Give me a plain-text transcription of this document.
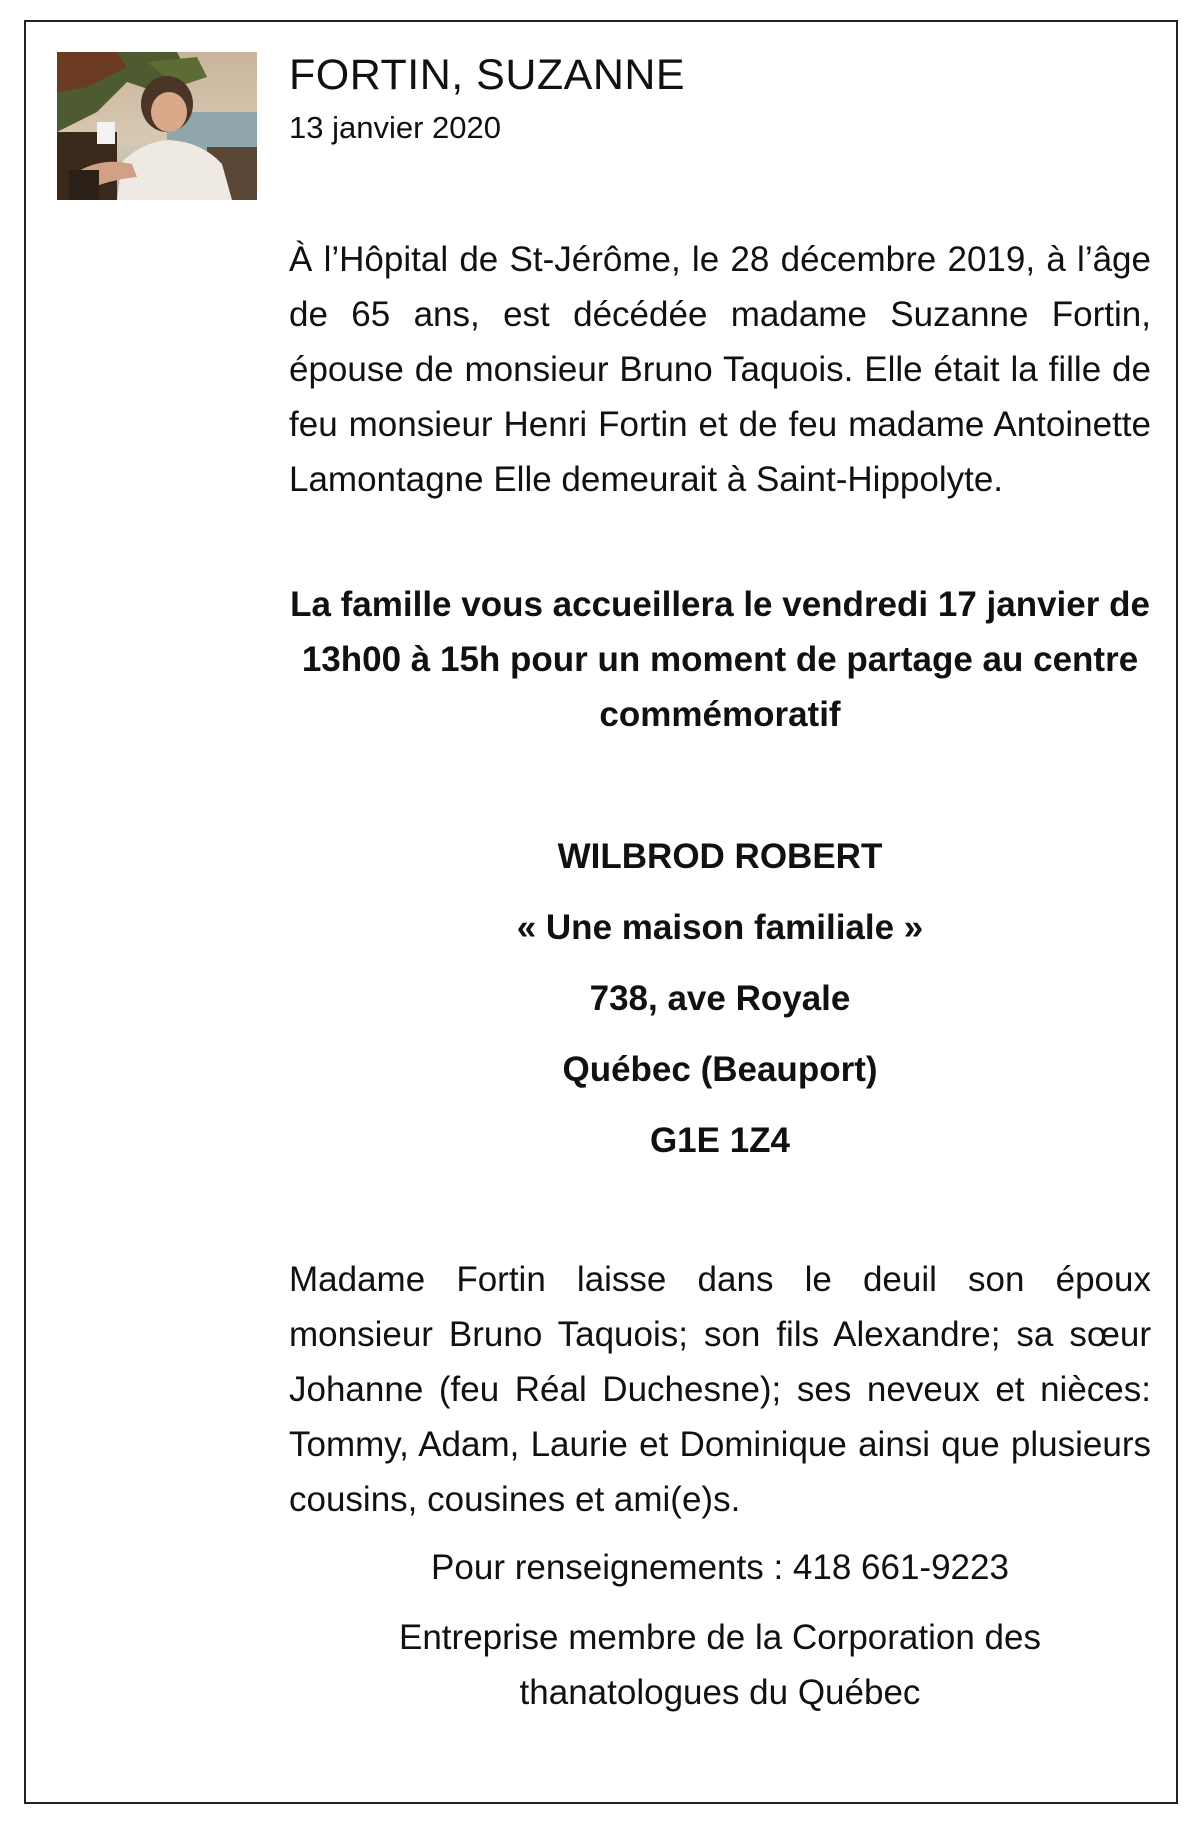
FORTIN, SUZANNE
13 janvier 2020
À l’Hôpital de St-Jérôme, le 28 décembre 2019, à l’âge de 65 ans, est décédée madame Suzanne Fortin, épouse de monsieur Bruno Taquois. Elle était la fille de feu monsieur Henri Fortin et de feu madame Antoinette Lamontagne Elle demeurait à Saint-Hippolyte.
La famille vous accueillera le vendredi 17 janvier de 13h00 à 15h pour un moment de partage au centre commémoratif
WILBROD ROBERT
« Une maison familiale »
738, ave Royale
Québec (Beauport)
G1E 1Z4
Madame Fortin laisse dans le deuil son époux monsieur Bruno Taquois; son fils Alexandre; sa sœur Johanne (feu Réal Duchesne); ses neveux et nièces: Tommy, Adam, Laurie et Dominique ainsi que plusieurs cousins, cousines et ami(e)s.
Pour renseignements : 418 661-9223
Entreprise membre de la Corporation des thanatologues du Québec
